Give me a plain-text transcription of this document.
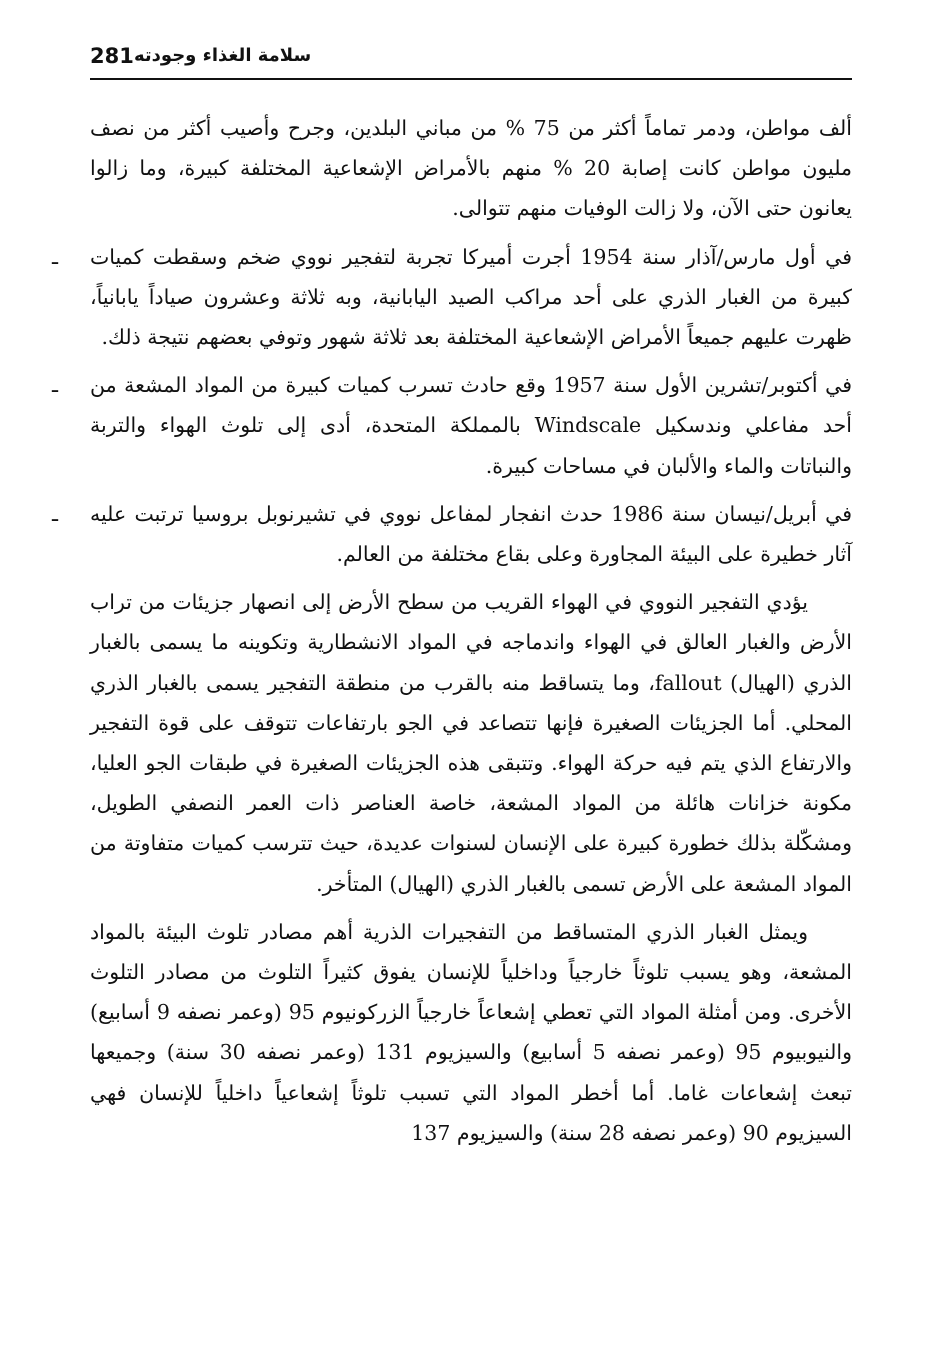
281 سلامة الغذاء وجودته

ألف مواطن، ودمر تماماً أكثر من 75 % من مباني البلدين، وجرح وأصيب أكثر من نصف مليون مواطن كانت إصابة 20 % منهم بالأمراض الإشعاعية المختلفة كبيرة، وما زالوا يعانون حتى الآن، ولا زالت الوفيات منهم تتوالى.

ـ في أول مارس/آذار سنة 1954 أجرت أميركا تجربة لتفجير نووي ضخم وسقطت كميات كبيرة من الغبار الذري على أحد مراكب الصيد اليابانية، وبه ثلاثة وعشرون صياداً يابانياً، ظهرت عليهم جميعاً الأمراض الإشعاعية المختلفة بعد ثلاثة شهور وتوفي بعضهم نتيجة ذلك.

ـ في أكتوبر/تشرين الأول سنة 1957 وقع حادث تسرب كميات كبيرة من المواد المشعة من أحد مفاعلي وندسكيل Windscale بالمملكة المتحدة، أدى إلى تلوث الهواء والتربة والنباتات والماء والألبان في مساحات كبيرة.

ـ في أبريل/نيسان سنة 1986 حدث انفجار لمفاعل نووي في تشيرنوبل بروسيا ترتبت عليه آثار خطيرة على البيئة المجاورة وعلى بقاع مختلفة من العالم.

يؤدي التفجير النووي في الهواء القريب من سطح الأرض إلى انصهار جزيئات من تراب الأرض والغبار العالق في الهواء واندماجه في المواد الانشطارية وتكوينه ما يسمى بالغبار الذري (الهيال) fallout، وما يتساقط منه بالقرب من منطقة التفجير يسمى بالغبار الذري المحلي. أما الجزيئات الصغيرة فإنها تتصاعد في الجو بارتفاعات تتوقف على قوة التفجير والارتفاع الذي يتم فيه حركة الهواء. وتتبقى هذه الجزيئات الصغيرة في طبقات الجو العليا، مكونة خزانات هائلة من المواد المشعة، خاصة العناصر ذات العمر النصفي الطويل، ومشكّلة بذلك خطورة كبيرة على الإنسان لسنوات عديدة، حيث تترسب كميات متفاوتة من المواد المشعة على الأرض تسمى بالغبار الذري (الهيال) المتأخر.

ويمثل الغبار الذري المتساقط من التفجيرات الذرية أهم مصادر تلوث البيئة بالمواد المشعة، وهو يسبب تلوثاً خارجياً وداخلياً للإنسان يفوق كثيراً التلوث من مصادر التلوث الأخرى. ومن أمثلة المواد التي تعطي إشعاعاً خارجياً الزركونيوم 95 (وعمر نصفه 9 أسابيع) والنيوبيوم 95 (وعمر نصفه 5 أسابيع) والسيزيوم 131 (وعمر نصفه 30 سنة) وجميعها تبعث إشعاعات غاما. أما أخطر المواد التي تسبب تلوثاً إشعاعياً داخلياً للإنسان فهي السيزيوم 90 (وعمر نصفه 28 سنة) والسيزيوم 137
